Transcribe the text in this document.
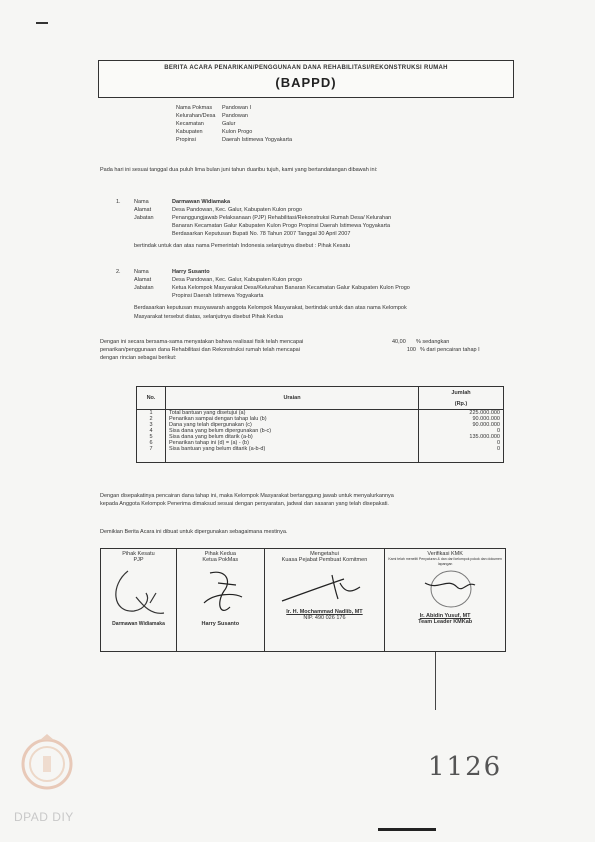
BERITA ACARA PENARIKAN/PENGGUNAAN DANA REHABILITASI/REKONSTRUKSI RUMAH
(BAPPD)
Nama Pokmas	Pandowan I
Kelurahan/Desa	Pandowan
Kecamatan	Galur
Kabupaten	Kulon Progo
Propinsi	Daerah Istimewa Yogyakarta
Pada hari ini sesuai tanggal dua puluh lima bulan juni tahun duaribu tujuh, kami yang bertandatangan dibawah ini:
1.	Nama	Darmawan Widiamaka
Alamat	Desa Pandowan, Kec. Galur, Kabupaten Kulon progo
Jabatan	Penanggungjawab Pelaksanaan (PJP) Rehabilitasi/Rekonstruksi Rumah Desa/ Kelurahan
Banaran Kecamatan Galur Kabupaten Kulon Progo Propinsi Daerah Istimewa Yogyakarta
Berdasarkan Keputusan Bupati No. 78 Tahun 2007 Tanggal 30 April 2007
bertindak untuk dan atas nama Pemerintah Indonesia selanjutnya disebut : Pihak Kesatu
2.	Nama	Harry Susanto
Alamat	Desa Pandowan, Kec. Galur, Kabupaten Kulon progo
Jabatan	Ketua Kelompok Masyarakat Desa/Kelurahan Banaran Kecamatan Galur Kabupaten Kulon Progo
Propinsi Daerah Istimewa Yogyakarta
Berdasarkan keputusan musyawarah anggota Kelompok Masyarakat, bertindak untuk dan atas nama Kelompok
Masyarakat tersebut diatas, selanjutnya disebut Pihak Kedua
Dengan ini secara bersama-sama menyatakan bahwa realisasi fisik telah mencapai
penarikan/penggunaan dana Rehabilitasi dan Rekonstruksi rumah telah mencapai
dengan rincian sebagai berikut:
40,00 % sedangkan
100 % dari pencairan tahap I
No.	Uraian	Jumlah
		(Rp.)
1	Total bantuan yang disetujui (a)	225.000.000
2	Penarikan sampai dengan tahap lalu (b)	90.000.000
3	Dana yang telah dipergunakan (c)	90.000.000
4	Sisa dana yang belum dipergunakan (b-c)	0
5	Sisa dana yang belum ditarik (a-b)	135.000.000
6	Penarikan tahap ini (d) = (a) - (b)	0
7	Sisa bantuan yang belum ditarik (a-b-d)	0
Dengan disepakatinya pencairan dana tahap ini, maka Kelompok Masyarakat bertanggung jawab untuk menyalurkannya
kepada Anggota Kelompok Penerima dimaksud sesuai dengan persyaratan, jadwal dan sasaran yang telah disepakati.
Demikian Berita Acara ini dibuat untuk dipergunakan sebagaimana mestinya.
Pihak Kesatu
PJP
Darmawan Widiamaka

Pihak Kedua
Ketua PokMas
Harry Susanto

Mengetahui
Kuasa Pejabat Pembuat Komitmen
Ir. H. Mochammad Nadlib, MT
NIP. 490 026 176

Verifikasi KMK
Kami telah meneliti Penyaluran & dan dari kelompok pokok dan dokumen lapangan
Ir. Abidin Yusuf, MT
Team Leader KMKab
1126
DPAD DIY
